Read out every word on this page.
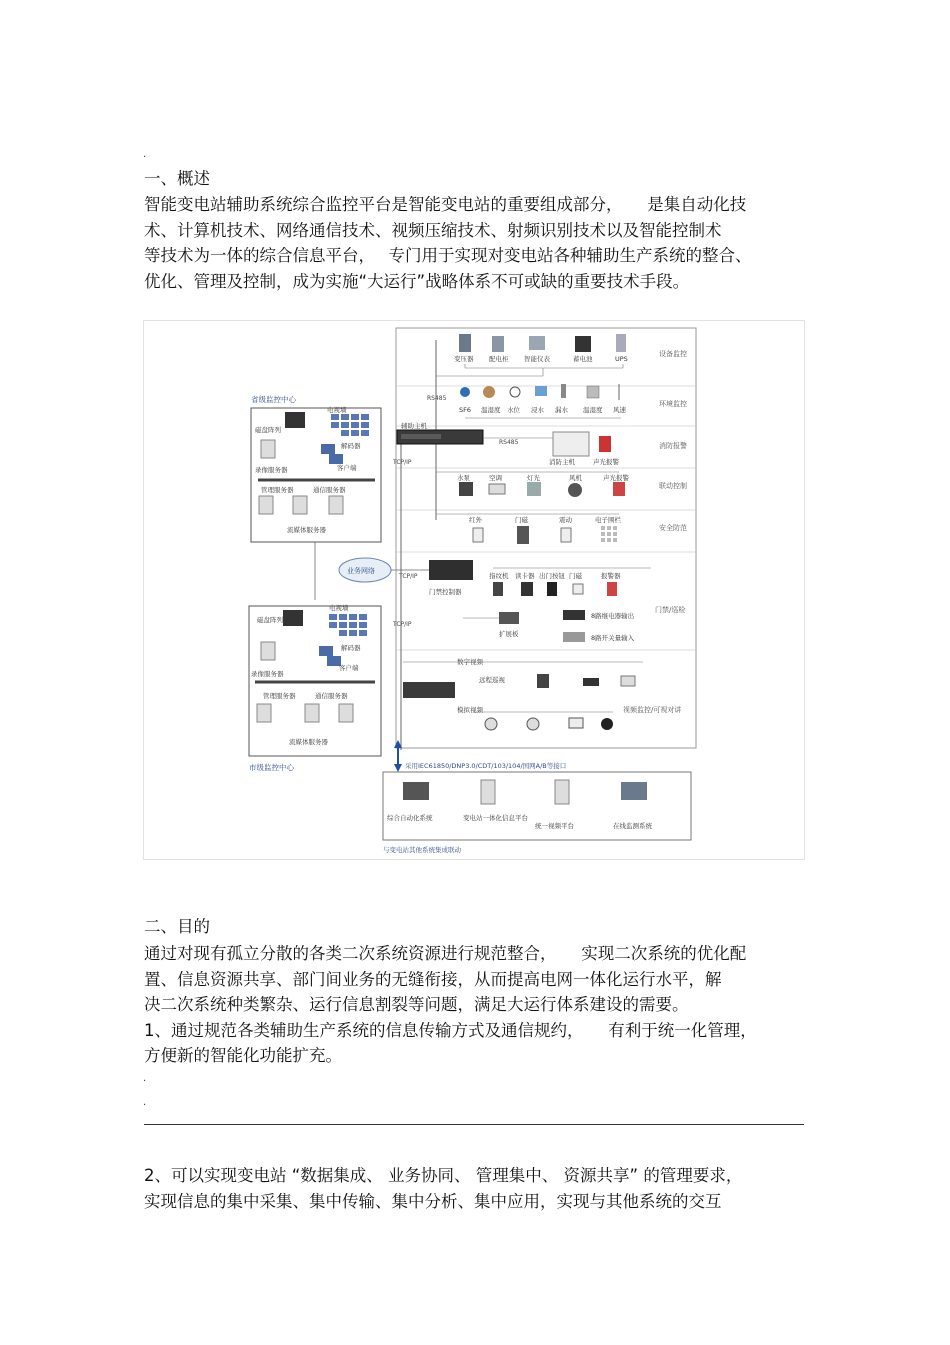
.
一、概述

智能变电站辅助系统综合监控平台是智能变电站的重要组成部分，　　是集自动化技

术、计算机技术、网络通信技术、视频压缩技术、射频识别技术以及智能控制术

等技术为一体的综合信息平台，　 专门用于实现对变电站各种辅助生产系统的整合、

优化、管理及控制，成为实施“大运行”战略体系不可或缺的重要技术手段。

设备监控
环境监控
消防报警
联动控制
安全防范
门禁/巡检
视频监控/可视对讲
变压器 配电柜 智能仪表	蓄电池	UPS
SF6 温湿度 水位 浸水 漏水 温湿度 风速
RS485
辅助主机
TCP/IP
RS485
消防主机	声光报警
水泵	空调	灯光	风机	声光报警
红外	门磁	震动	电子围栏
省级监控中心
磁盘阵列
电视墙
解码器
录像服务器	客户端
管理服务器	通信服务器
流媒体服务器
业务网络
TCP/IP
门禁控制器
指纹机 读卡器 出门按钮 门磁	报警器
扩展板
8路继电器输出
8路开关量输入
TCP/IP
数字视频
远程巡视
模拟视频
磁盘阵列
电视墙
解码器
录像服务器
客户端
管理服务器	通信服务器
流媒体服务器
市级监控中心	采用IEC61850/DNP3.0/CDT/103/104/国网A/B等接口
综合自动化系统	变电站一体化信息平台
统一视频平台	在线监测系统
与变电站其他系统集成联动
二、目的

通过对现有孤立分散的各类二次系统资源进行规范整合，　　实现二次系统的优化配

置、信息资源共享、部门间业务的无缝衔接，从而提高电网一体化运行水平，解

决二次系统种类繁杂、运行信息割裂等问题，满足大运行体系建设的需要。

1、通过规范各类辅助生产系统的信息传输方式及通信规约，　　有利于统一化管理，

方便新的智能化功能扩充。

.
.

2、可以实现变电站 “数据集成、 业务协同、 管理集中、 资源共享” 的管理要求，

实现信息的集中采集、集中传输、集中分析、集中应用，实现与其他系统的交互
